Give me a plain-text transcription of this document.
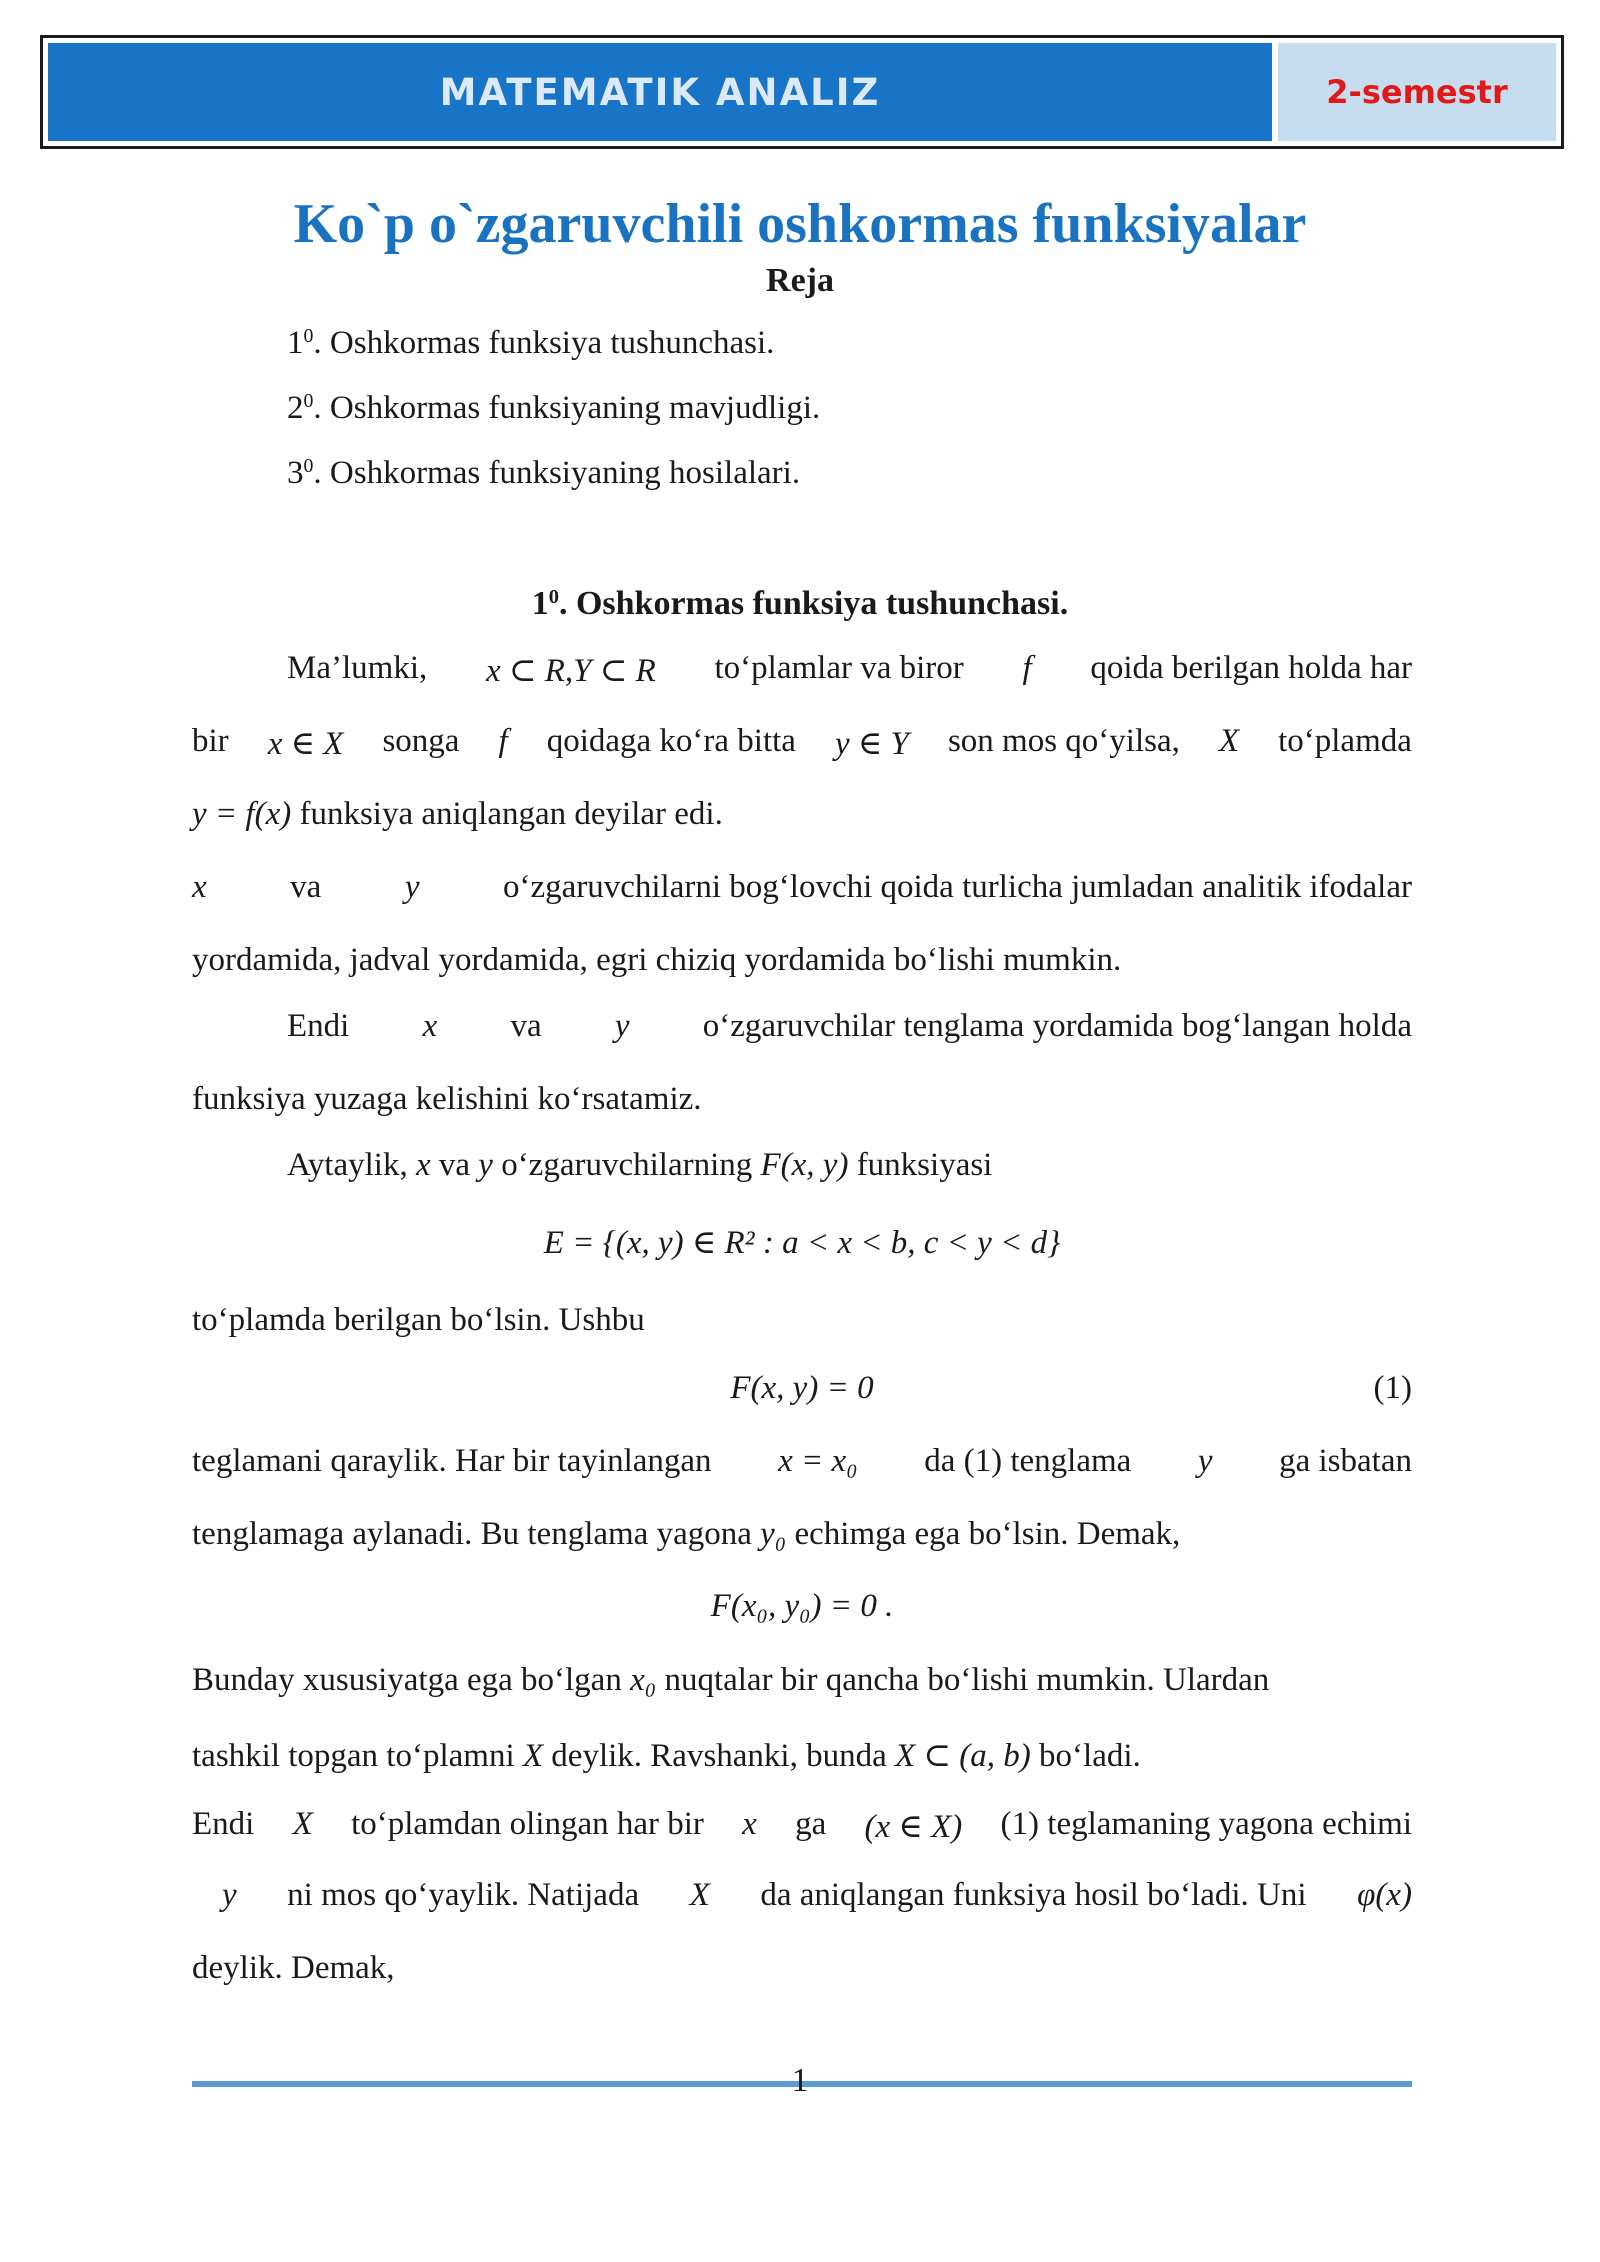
MATEMATIK ANALIZ	2-semestr
Ko`p o`zgaruvchili oshkormas funksiyalar
Reja
$1^0$. Oshkormas funksiya tushunchasi.
$2^0$. Oshkormas funksiyaning mavjudligi.
$3^0$. Oshkormas funksiyaning hosilalari.
$1^0$. Oshkormas funksiya tushunchasi.
Ma’lumki, x ⊂ R,Y ⊂ R to‘plamlar va biror f qoida berilgan holda har
bir x ∈ X songa f qoidaga ko‘ra bitta y ∈ Y son mos qo‘yilsa, X to‘plamda
y = f(x) funksiya aniqlangan deyilar edi.
x	va	y	o‘zgaruvchilarni bog‘lovchi qoida turlicha jumladan analitik ifodalar
yordamida, jadval yordamida, egri chiziq yordamida bo‘lishi mumkin.
Endi x va y o‘zgaruvchilar tenglama yordamida bog‘langan holda
funksiya yuzaga kelishini ko‘rsatamiz.
Aytaylik, x va y o‘zgaruvchilarning F(x, y) funksiyasi
E = {(x, y) ∈ R² : a < x < b, c < y < d}
to‘plamda berilgan bo‘lsin. Ushbu
F(x, y) = 0	(1)
teglamani qaraylik. Har bir tayinlangan x = x₀ da (1) tenglama y ga isbatan
tenglamaga aylanadi. Bu tenglama yagona y₀ echimga ega bo‘lsin. Demak,
F(x₀, y₀) = 0 .
Bunday xususiyatga ega bo‘lgan x₀ nuqtalar bir qancha bo‘lishi mumkin. Ulardan
tashkil topgan to‘plamni X deylik. Ravshanki, bunda X ⊂ (a, b) bo‘ladi.
Endi X to‘plamdan olingan har bir x ga (x ∈ X) (1) teglamaning yagona echimi
y ni mos qo‘yaylik. Natijada X da aniqlangan funksiya hosil bo‘ladi. Uni φ(x)
deylik. Demak,
1
